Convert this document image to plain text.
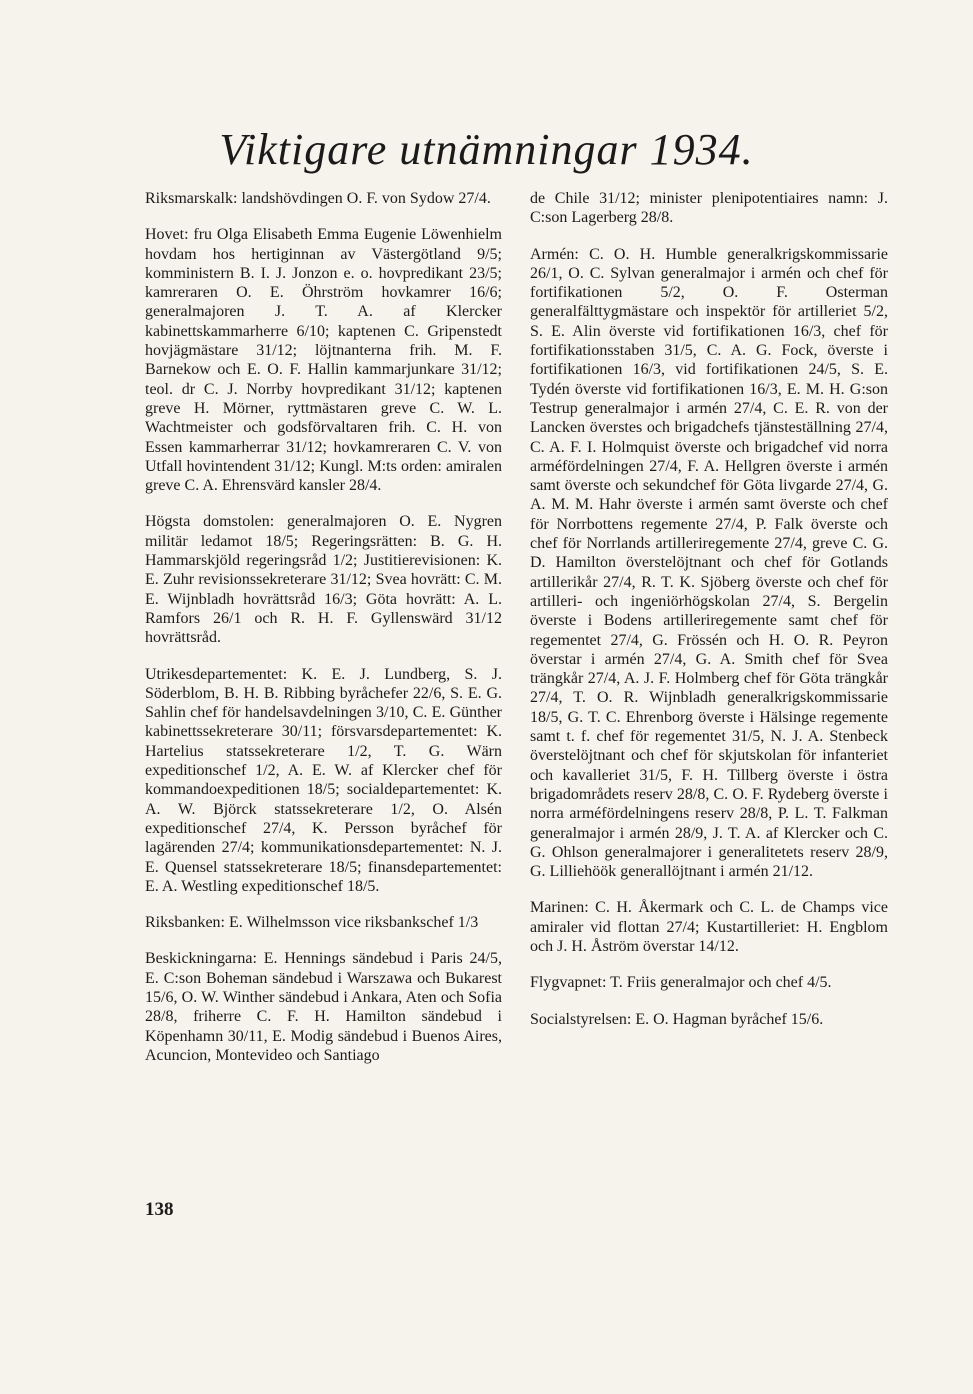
Viktigare utnämningar 1934.

Riksmarskalk: landshövdingen O. F. von Sydow 27/4.

Hovet: fru Olga Elisabeth Emma Eugenie Löwenhielm hovdam hos hertiginnan av Västergötland 9/5; komministern B. I. J. Jonzon e. o. hovpredikant 23/5; kamreraren O. E. Öhrström hovkamrer 16/6; generalmajoren J. T. A. af Klercker kabinettskammarherre 6/10; kaptenen C. Gripenstedt hovjägmästare 31/12; löjtnanterna frih. M. F. Barnekow och E. O. F. Hallin kammarjunkare 31/12; teol. dr C. J. Norrby hovpredikant 31/12; kaptenen greve H. Mörner, ryttmästaren greve C. W. L. Wachtmeister och godsförvaltaren frih. C. H. von Essen kammarherrar 31/12; hovkamreraren C. V. von Utfall hovintendent 31/12; Kungl. M:ts orden: amiralen greve C. A. Ehrensvärd kansler 28/4.

Högsta domstolen: generalmajoren O. E. Nygren militär ledamot 18/5; Regeringsrätten: B. G. H. Hammarskjöld regeringsråd 1/2; Justitierevisionen: K. E. Zuhr revisionssekreterare 31/12; Svea hovrätt: C. M. E. Wijnbladh hovrättsråd 16/3; Göta hovrätt: A. L. Ramfors 26/1 och R. H. F. Gyllenswärd 31/12 hovrättsråd.

Utrikesdepartementet: K. E. J. Lundberg, S. J. Söderblom, B. H. B. Ribbing byråchefer 22/6, S. E. G. Sahlin chef för handelsavdelningen 3/10, C. E. Günther kabinettssekreterare 30/11; försvarsdepartementet: K. Hartelius statssekreterare 1/2, T. G. Wärn expeditionschef 1/2, A. E. W. af Klercker chef för kommandoexpeditionen 18/5; socialdepartementet: K. A. W. Björck statssekreterare 1/2, O. Alsén expeditionschef 27/4, K. Persson byråchef för lagärenden 27/4; kommunikationsdepartementet: N. J. E. Quensel statssekreterare 18/5; finansdepartementet: E. A. Westling expeditionschef 18/5.

Riksbanken: E. Wilhelmsson vice riksbankschef 1/3

Beskickningarna: E. Hennings sändebud i Paris 24/5, E. C:son Boheman sändebud i Warszawa och Bukarest 15/6, O. W. Winther sändebud i Ankara, Aten och Sofia 28/8, friherre C. F. H. Hamilton sändebud i Köpenhamn 30/11, E. Modig sändebud i Buenos Aires, Acuncion, Montevideo och Santiago

de Chile 31/12; minister plenipotentiaires namn: J. C:son Lagerberg 28/8.

Armén: C. O. H. Humble generalkrigskommissarie 26/1, O. C. Sylvan generalmajor i armén och chef för fortifikationen 5/2, O. F. Osterman generalfälttygmästare och inspektör för artilleriet 5/2, S. E. Alin överste vid fortifikationen 16/3, chef för fortifikationsstaben 31/5, C. A. G. Fock, överste i fortifikationen 16/3, vid fortifikationen 24/5, S. E. Tydén överste vid fortifikationen 16/3, E. M. H. G:son Testrup generalmajor i armén 27/4, C. E. R. von der Lancken överstes och brigadchefs tjänsteställning 27/4, C. A. F. I. Holmquist överste och brigadchef vid norra arméfördelningen 27/4, F. A. Hellgren överste i armén samt överste och sekundchef för Göta livgarde 27/4, G. A. M. M. Hahr överste i armén samt överste och chef för Norrbottens regemente 27/4, P. Falk överste och chef för Norrlands artilleriregemente 27/4, greve C. G. D. Hamilton överstelöjtnant och chef för Gotlands artillerikår 27/4, R. T. K. Sjöberg överste och chef för artilleri- och ingeniörhögskolan 27/4, S. Bergelin överste i Bodens artilleriregemente samt chef för regementet 27/4, G. Frössén och H. O. R. Peyron överstar i armén 27/4, G. A. Smith chef för Svea trängkår 27/4, A. J. F. Holmberg chef för Göta trängkår 27/4, T. O. R. Wijnbladh generalkrigskommissarie 18/5, G. T. C. Ehrenborg överste i Hälsinge regemente samt t. f. chef för regementet 31/5, N. J. A. Stenbeck överstelöjtnant och chef för skjutskolan för infanteriet och kavalleriet 31/5, F. H. Tillberg överste i östra brigadområdets reserv 28/8, C. O. F. Rydeberg överste i norra arméfördelningens reserv 28/8, P. L. T. Falkman generalmajor i armén 28/9, J. T. A. af Klercker och C. G. Ohlson generalmajorer i generalitetets reserv 28/9, G. Lilliehöök generallöjtnant i armén 21/12.

Marinen: C. H. Åkermark och C. L. de Champs vice amiraler vid flottan 27/4; Kustartilleriet: H. Engblom och J. H. Åström överstar 14/12.

Flygvapnet: T. Friis generalmajor och chef 4/5.

Socialstyrelsen: E. O. Hagman byråchef 15/6.

138
